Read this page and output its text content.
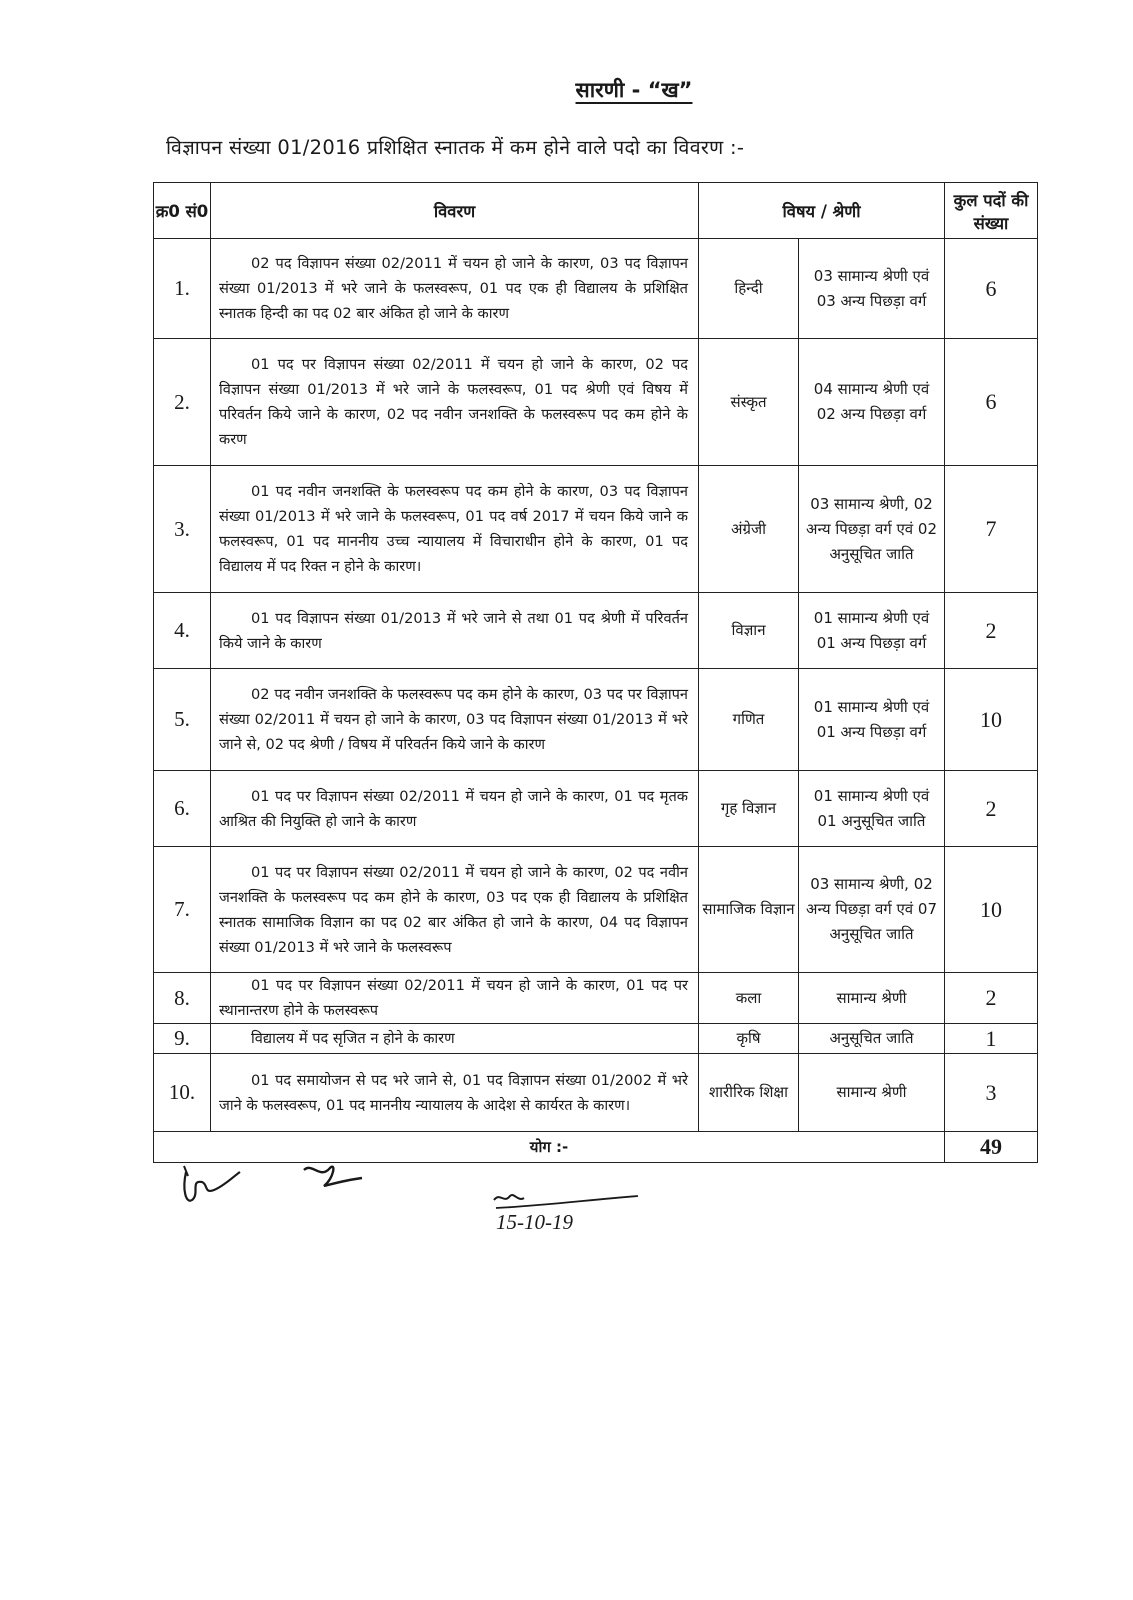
सारणी - “ख”
विज्ञापन संख्या 01/2016 प्रशिक्षित स्नातक में कम होने वाले पदो का विवरण :-
क्र0 सं0	विवरण	विषय / श्रेणी		कुल पदों की संख्या
1.	02 पद विज्ञापन संख्या 02/2011 में चयन हो जाने के कारण, 03 पद विज्ञापन संख्या 01/2013 में भरे जाने के फलस्वरूप, 01 पद एक ही विद्यालय के प्रशिक्षित स्नातक हिन्दी का पद 02 बार अंकित हो जाने के कारण	हिन्दी	03 सामान्य श्रेणी एवं 03 अन्य पिछड़ा वर्ग	6
2.	01 पद पर विज्ञापन संख्या 02/2011 में चयन हो जाने के कारण, 02 पद विज्ञापन संख्या 01/2013 में भरे जाने के फलस्वरूप, 01 पद श्रेणी एवं विषय में परिवर्तन किये जाने के कारण, 02 पद नवीन जनशक्ति के फलस्वरूप पद कम होने के करण	संस्कृत	04 सामान्य श्रेणी एवं 02 अन्य पिछड़ा वर्ग	6
3.	01 पद नवीन जनशक्ति के फलस्वरूप पद कम होने के कारण, 03 पद विज्ञापन संख्या 01/2013 में भरे जाने के फलस्वरूप, 01 पद वर्ष 2017 में चयन किये जाने क फलस्वरूप, 01 पद माननीय उच्च न्यायालय में विचाराधीन होने के कारण, 01 पद विद्यालय में पद रिक्त न होने के कारण।	अंग्रेजी	03 सामान्य श्रेणी, 02 अन्य पिछड़ा वर्ग एवं 02 अनुसूचित जाति	7
4.	01 पद विज्ञापन संख्या 01/2013 में भरे जाने से तथा 01 पद श्रेणी में परिवर्तन किये जाने के कारण	विज्ञान	01 सामान्य श्रेणी एवं 01 अन्य पिछड़ा वर्ग	2
5.	02 पद नवीन जनशक्ति के फलस्वरूप पद कम होने के कारण, 03 पद पर विज्ञापन संख्या 02/2011 में चयन हो जाने के कारण, 03 पद विज्ञापन संख्या 01/2013 में भरे जाने से, 02 पद श्रेणी / विषय में परिवर्तन किये जाने के कारण	गणित	01 सामान्य श्रेणी एवं 01 अन्य पिछड़ा वर्ग	10
6.	01 पद पर विज्ञापन संख्या 02/2011 में चयन हो जाने के कारण, 01 पद मृतक आश्रित की नियुक्ति हो जाने के कारण	गृह विज्ञान	01 सामान्य श्रेणी एवं 01 अनुसूचित जाति	2
7.	01 पद पर विज्ञापन संख्या 02/2011 में चयन हो जाने के कारण, 02 पद नवीन जनशक्ति के फलस्वरूप पद कम होने के कारण, 03 पद एक ही विद्यालय के प्रशिक्षित स्नातक सामाजिक विज्ञान का पद 02 बार अंकित हो जाने के कारण, 04 पद विज्ञापन संख्या 01/2013 में भरे जाने के फलस्वरूप	सामाजिक विज्ञान	03 सामान्य श्रेणी, 02 अन्य पिछड़ा वर्ग एवं 07 अनुसूचित जाति	10
8.	01 पद पर विज्ञापन संख्या 02/2011 में चयन हो जाने के कारण, 01 पद पर स्थानान्तरण होने के फलस्वरूप	कला	सामान्य श्रेणी	2
9.	विद्यालय में पद सृजित न होने के कारण	कृषि	अनुसूचित जाति	1
10.	01 पद समायोजन से पद भरे जाने से, 01 पद विज्ञापन संख्या 01/2002 में भरे जाने के फलस्वरूप, 01 पद माननीय न्यायालय के आदेश से कार्यरत के कारण।	शारीरिक शिक्षा	सामान्य श्रेणी	3
योग :-				49
15-10-19
